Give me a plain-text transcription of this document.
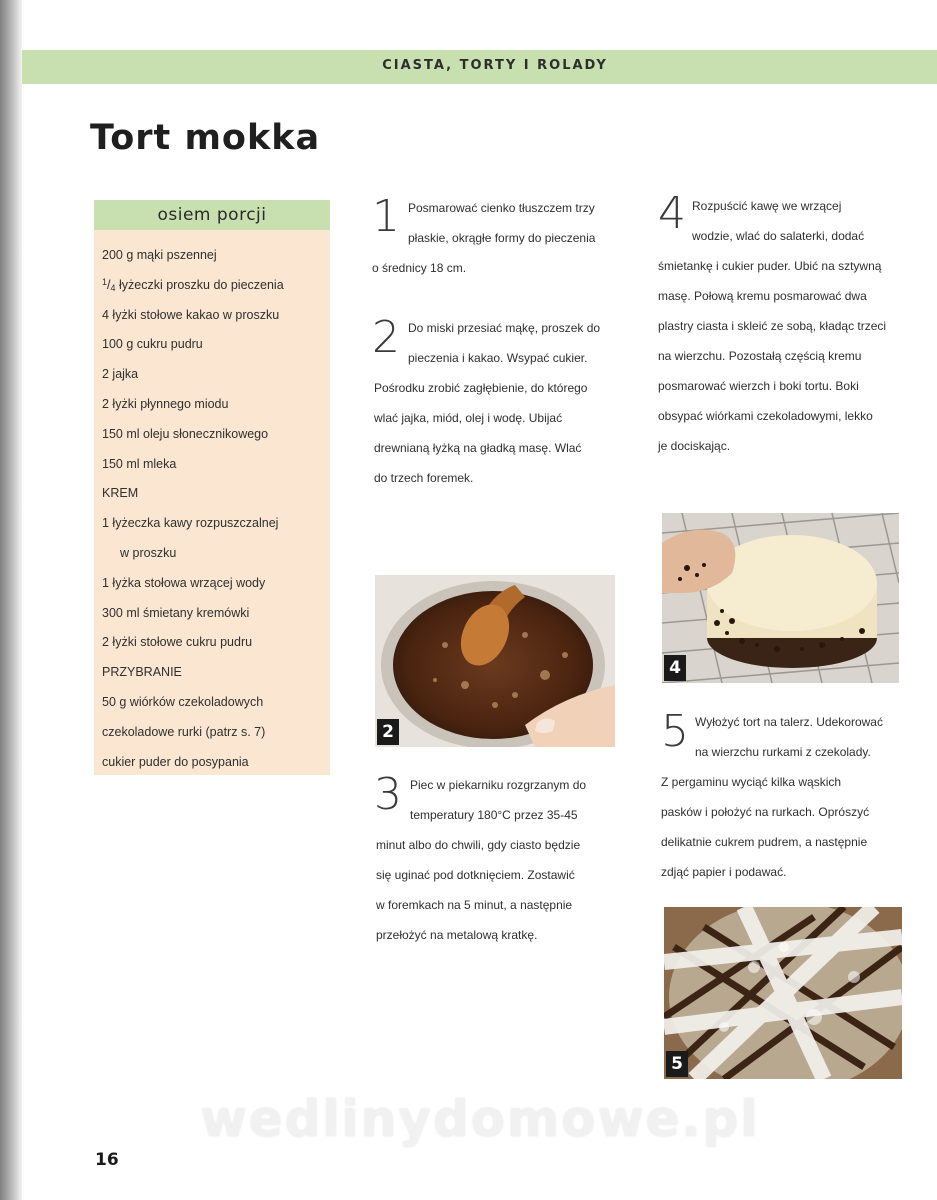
CIASTA, TORTY I ROLADY
Tort mokka
osiem porcji
200 g mąki pszennej
$^1$/4 łyżeczki proszku do pieczenia
4 łyżki stołowe kakao w proszku
100 g cukru pudru
2 jajka
2 łyżki płynnego miodu
150 ml oleju słonecznikowego
150 ml mleka
KREM
1 łyżeczka kawy rozpuszczalnej
w proszku
1 łyżka stołowa wrzącej wody
300 ml śmietany kremówki
2 łyżki stołowe cukru pudru
PRZYBRANIE
50 g wiórków czekoladowych
czekoladowe rurki (patrz s. 7)
cukier puder do posypania
1 Posmarować cienko tłuszczem trzy
płaskie, okrągłe formy do pieczenia
o średnicy 18 cm.
2 Do miski przesiać mąkę, proszek do
pieczenia i kakao. Wsypać cukier.
Pośrodku zrobić zagłębienie, do którego
wlać jajka, miód, olej i wodę. Ubijać
drewnianą łyżką na gładką masę. Wlać
do trzech foremek.
2
3 Piec w piekarniku rozgrzanym do
temperatury 180°C przez 35-45
minut albo do chwili, gdy ciasto będzie
się uginać pod dotknięciem. Zostawić
w foremkach na 5 minut, a następnie
przełożyć na metalową kratkę.
4 Rozpuścić kawę we wrzącej
wodzie, wlać do salaterki, dodać
śmietankę i cukier puder. Ubić na sztywną
masę. Połową kremu posmarować dwa
plastry ciasta i skleić ze sobą, kładąc trzeci
na wierzchu. Pozostałą częścią kremu
posmarować wierzch i boki tortu. Boki
obsypać wiórkami czekoladowymi, lekko
je dociskając.
4
5 Wyłożyć tort na talerz. Udekorować
na wierzchu rurkami z czekolady.
Z pergaminu wyciąć kilka wąskich
pasków i położyć na rurkach. Oprószyć
delikatnie cukrem pudrem, a następnie
zdjąć papier i podawać.
5
wedlinydomowe.pl
16
